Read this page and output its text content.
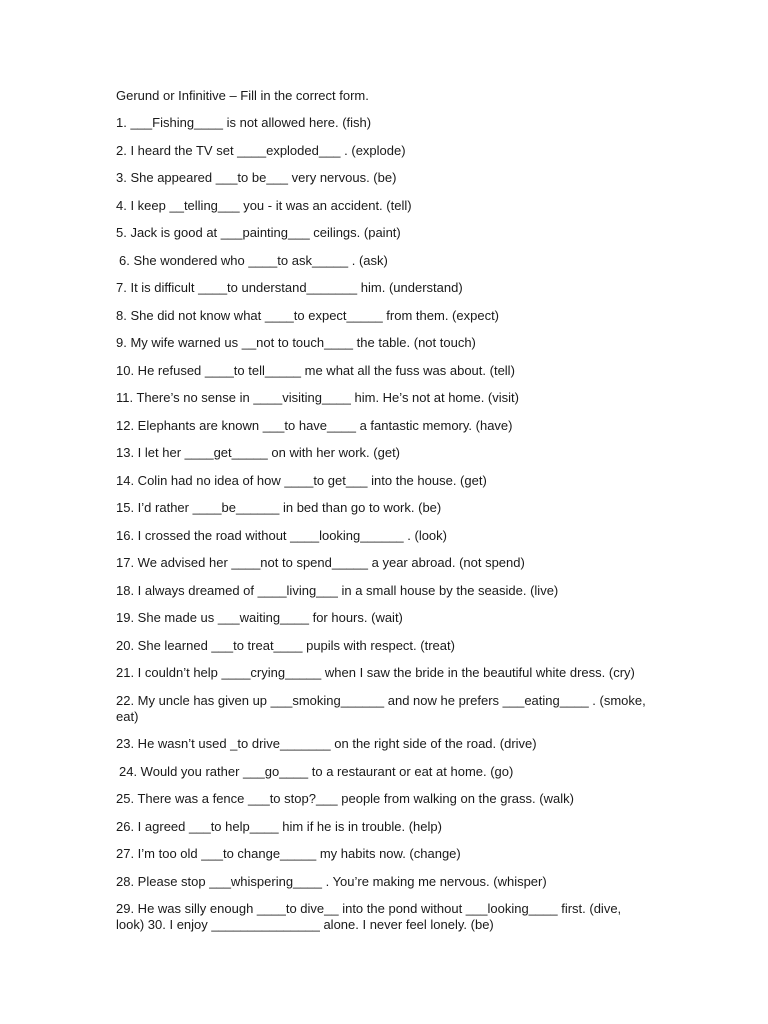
Gerund or Infinitive – Fill in the correct form.
1. ___Fishing____ is not allowed here. (fish)
2. I heard the TV set ____exploded___ . (explode)
3. She appeared ___to be___ very nervous. (be)
4. I keep __telling___ you - it was an accident. (tell)
5. Jack is good at ___painting___ ceilings. (paint)
6. She wondered who ____to ask_____ . (ask)
7. It is difficult ____to understand_______ him. (understand)
8. She did not know what ____to expect_____ from them. (expect)
9. My wife warned us __not to touch____ the table. (not touch)
10. He refused ____to tell_____ me what all the fuss was about. (tell)
11. There’s no sense in ____visiting____ him. He’s not at home. (visit)
12. Elephants are known ___to have____ a fantastic memory. (have)
13. I let her ____get_____ on with her work. (get)
14. Colin had no idea of how ____to get___ into the house. (get)
15. I’d rather ____be______ in bed than go to work. (be)
16. I crossed the road without ____looking______ . (look)
17. We advised her ____not to spend_____ a year abroad. (not spend)
18. I always dreamed of ____living___ in a small house by the seaside. (live)
19. She made us ___waiting____ for hours. (wait)
20. She learned ___to treat____ pupils with respect. (treat)
21. I couldn’t help ____crying_____ when I saw the bride in the beautiful white dress. (cry)
22. My uncle has given up ___smoking______ and now he prefers ___eating____ . (smoke, eat)
23. He wasn’t used _to drive_______ on the right side of the road. (drive)
24. Would you rather ___go____ to a restaurant or eat at home. (go)
25. There was a fence ___to stop?___ people from walking on the grass. (walk)
26. I agreed ___to help____ him if he is in trouble. (help)
27. I’m too old ___to change_____ my habits now. (change)
28. Please stop ___whispering____ . You’re making me nervous. (whisper)
29. He was silly enough ____to dive__ into the pond without ___looking____ first. (dive, look) 30. I enjoy _______________ alone. I never feel lonely. (be)
